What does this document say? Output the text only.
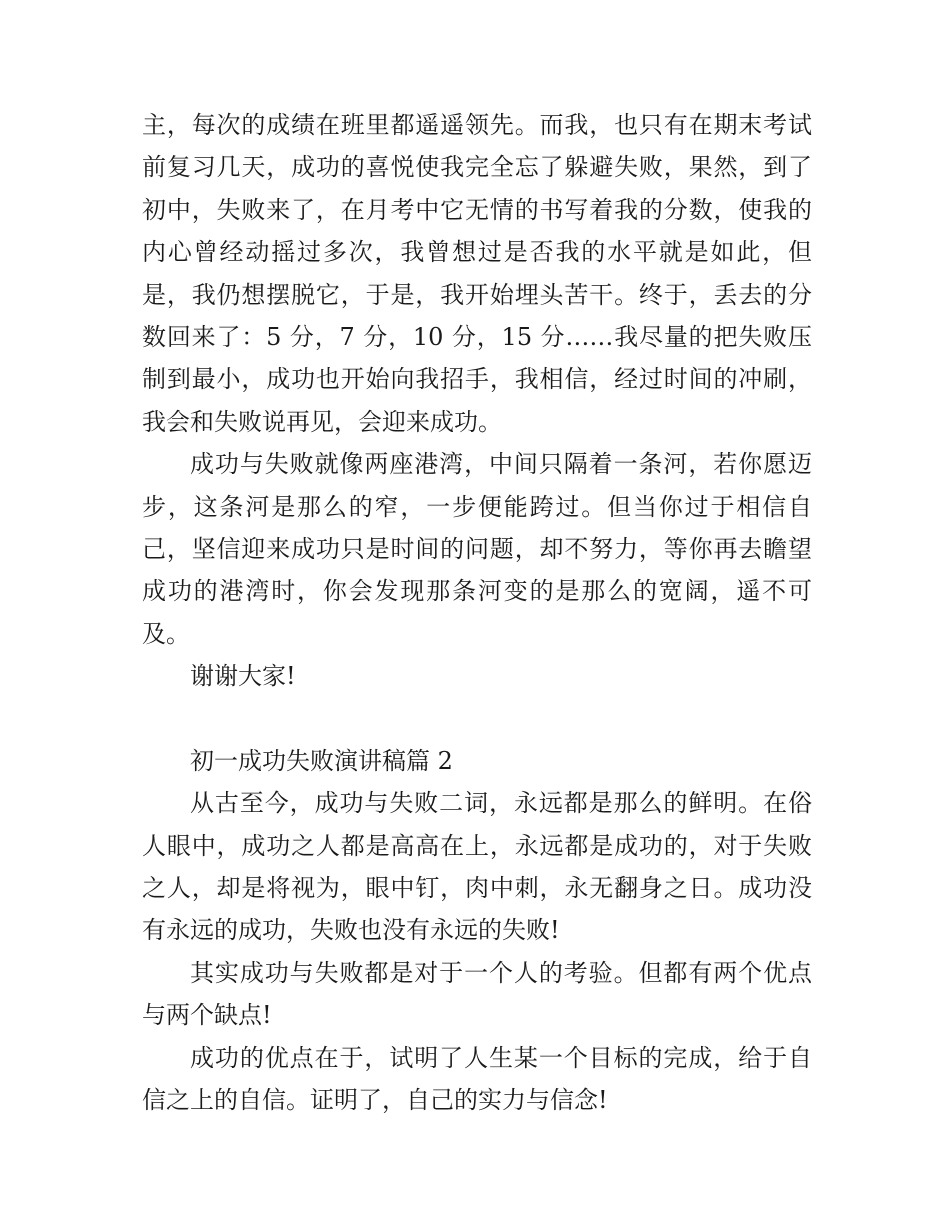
主，每次的成绩在班里都遥遥领先。而我，也只有在期末考试前复习几天，成功的喜悦使我完全忘了躲避失败，果然，到了初中，失败来了，在月考中它无情的书写着我的分数，使我的内心曾经动摇过多次，我曾想过是否我的水平就是如此，但是，我仍想摆脱它，于是，我开始埋头苦干。终于，丢去的分数回来了：5 分，7 分，10 分，15 分……我尽量的把失败压制到最小，成功也开始向我招手，我相信，经过时间的冲刷，我会和失败说再见，会迎来成功。

成功与失败就像两座港湾，中间只隔着一条河，若你愿迈步，这条河是那么的窄，一步便能跨过。但当你过于相信自己，坚信迎来成功只是时间的问题，却不努力，等你再去瞻望成功的港湾时，你会发现那条河变的是那么的宽阔，遥不可及。

谢谢大家!

初一成功失败演讲稿篇 2

从古至今，成功与失败二词，永远都是那么的鲜明。在俗人眼中，成功之人都是高高在上，永远都是成功的，对于失败之人，却是将视为，眼中钉，肉中刺，永无翻身之日。成功没有永远的成功，失败也没有永远的失败!

其实成功与失败都是对于一个人的考验。但都有两个优点与两个缺点!

成功的优点在于，试明了人生某一个目标的完成，给于自信之上的自信。证明了，自己的实力与信念!
